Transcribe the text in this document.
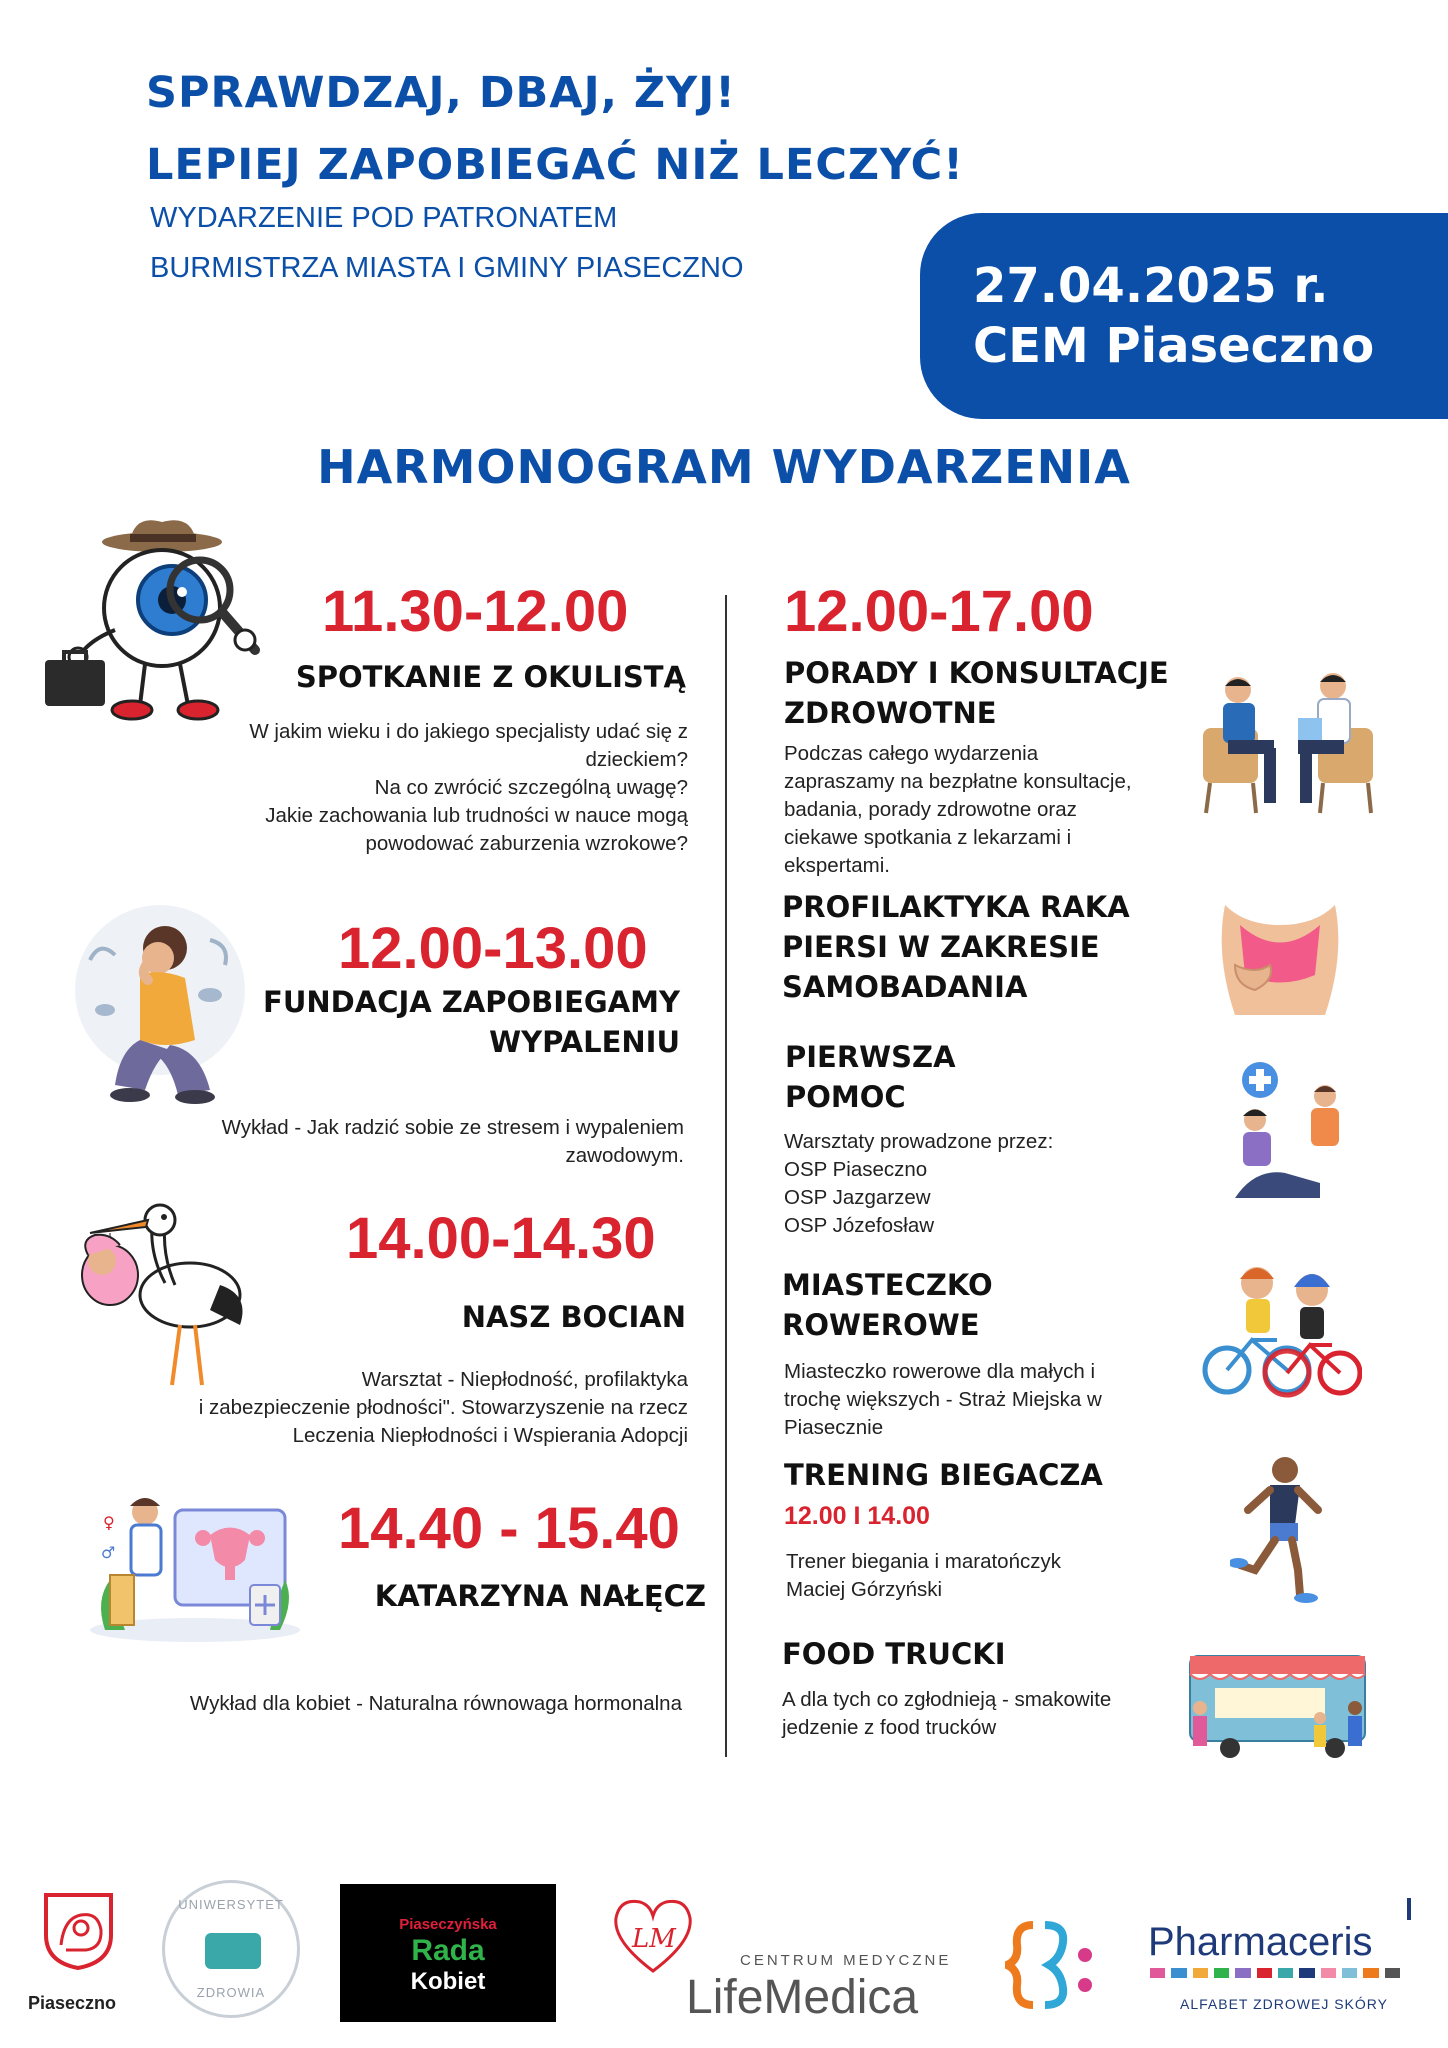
SPRAWDZAJ, DBAJ, ŻYJ!
LEPIEJ ZAPOBIEGAĆ NIŻ LECZYĆ!
WYDARZENIE POD PATRONATEM
BURMISTRZA MIASTA I GMINY PIASECZNO	27.04.2025 r.
CEM Piaseczno
HARMONOGRAM WYDARZENIA
11.30-12.00
SPOTKANIE Z OKULISTĄ
W jakim wieku i do jakiego specjalisty udać się z
dzieckiem?
Na co zwrócić szczególną uwagę?
Jakie zachowania lub trudności w nauce mogą
powodować zaburzenia wzrokowe?
12.00-13.00
FUNDACJA ZAPOBIEGAMY
WYPALENIU
Wykład - Jak radzić sobie ze stresem i wypaleniem
zawodowym.
14.00-14.30
NASZ BOCIAN
Warsztat - Niepłodność, profilaktyka
i zabezpieczenie płodności". Stowarzyszenie na rzecz
Leczenia Niepłodności i Wspierania Adopcji
♀
♂	14.40 - 15.40
KATARZYNA NAŁĘCZ
Wykład dla kobiet - Naturalna równowaga hormonalna
12.00-17.00
PORADY I KONSULTACJE
ZDROWOTNE
Podczas całego wydarzenia
zapraszamy na bezpłatne konsultacje,
badania, porady zdrowotne oraz
ciekawe spotkania z lekarzami i
ekspertami.
PROFILAKTYKA RAKA
PIERSI W ZAKRESIE
SAMOBADANIA
PIERWSZA
POMOC
Warsztaty prowadzone przez:
OSP Piaseczno
OSP Jazgarzew
OSP Józefosław
MIASTECZKO
ROWEROWE
Miasteczko rowerowe dla małych i
trochę większych - Straż Miejska w
Piasecznie
TRENING BIEGACZA
12.00 I 14.00
Trener biegania i maratończyk
Maciej Górzyński
FOOD TRUCKI
A dla tych co zgłodnieją - smakowite
jedzenie z food trucków
Piaseczno
UNIWERSYTET
ZDROWIA
Piaseczyńska
Rada
Kobiet
LM
CENTRUM MEDYCZNE
LifeMedica
Pharmaceris
ALFABET ZDROWEJ SKÓRY
